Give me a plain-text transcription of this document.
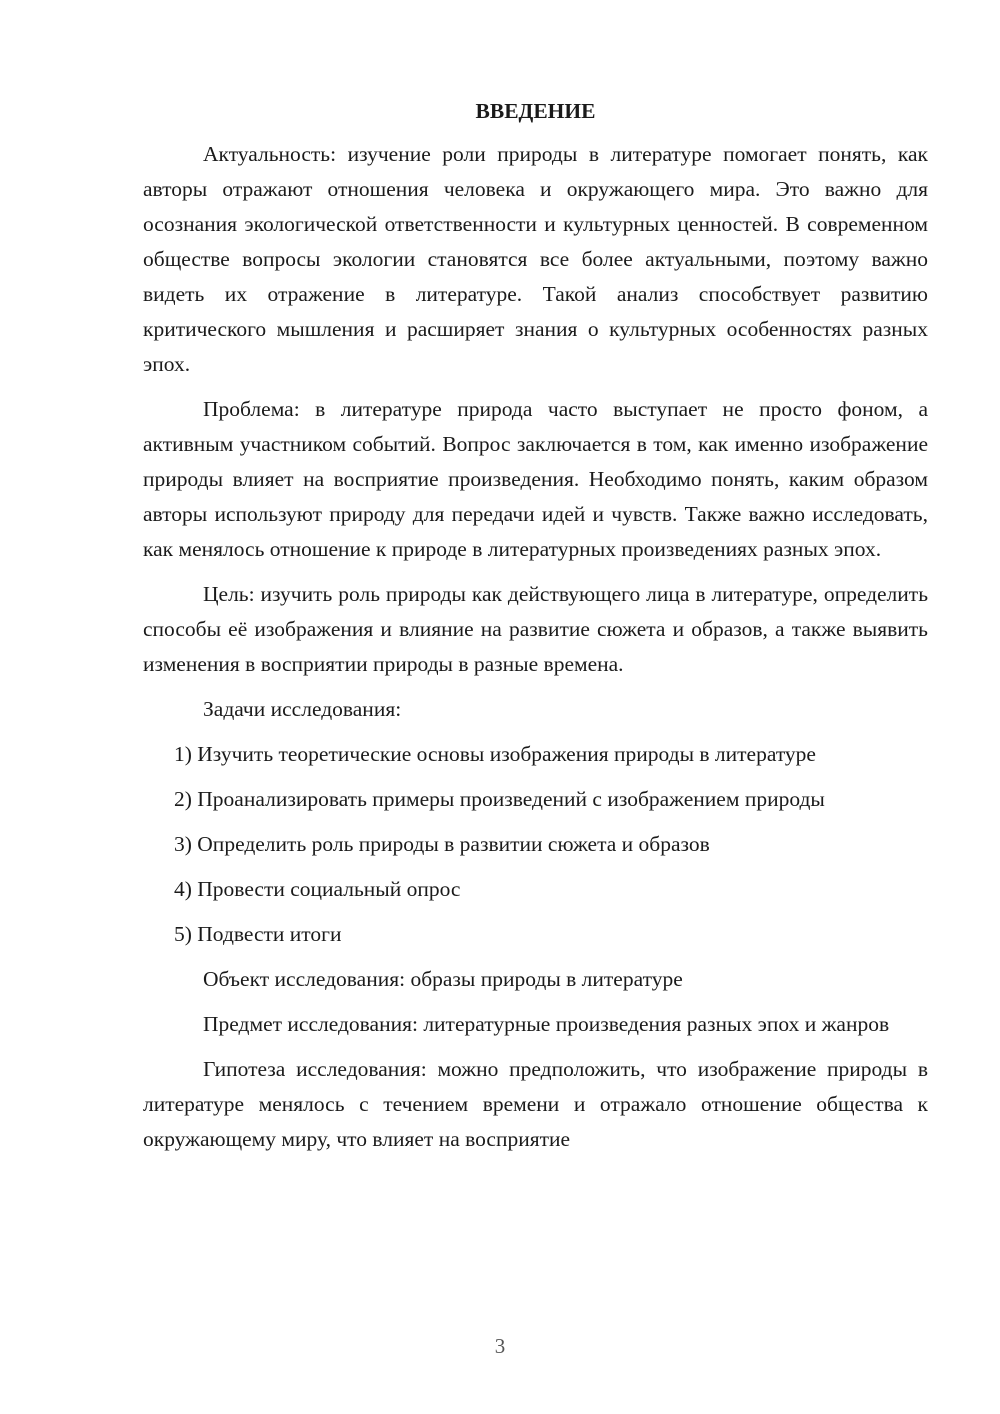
ВВЕДЕНИЕ

Актуальность: изучение роли природы в литературе помогает понять, как авторы отражают отношения человека и окружающего мира. Это важно для осознания экологической ответственности и культурных ценностей. В современном обществе вопросы экологии становятся все более актуальными, поэтому важно видеть их отражение в литературе. Такой анализ способствует развитию критического мышления и расширяет знания о культурных особенностях разных эпох.

Проблема: в литературе природа часто выступает не просто фоном, а активным участником событий. Вопрос заключается в том, как именно изображение природы влияет на восприятие произведения. Необходимо понять, каким образом авторы используют природу для передачи идей и чувств. Также важно исследовать, как менялось отношение к природе в литературных произведениях разных эпох.

Цель: изучить роль природы как действующего лица в литературе, определить способы её изображения и влияние на развитие сюжета и образов, а также выявить изменения в восприятии природы в разные времена.

Задачи исследования:

1) Изучить теоретические основы изображения природы в литературе

2) Проанализировать примеры произведений с изображением природы

3) Определить роль природы в развитии сюжета и образов

4) Провести социальный опрос

5) Подвести итоги

Объект исследования: образы природы в литературе

Предмет исследования: литературные произведения разных эпох и жанров

Гипотеза исследования: можно предположить, что изображение природы в литературе менялось с течением времени и отражало отношение общества к окружающему миру, что влияет на восприятие

3
